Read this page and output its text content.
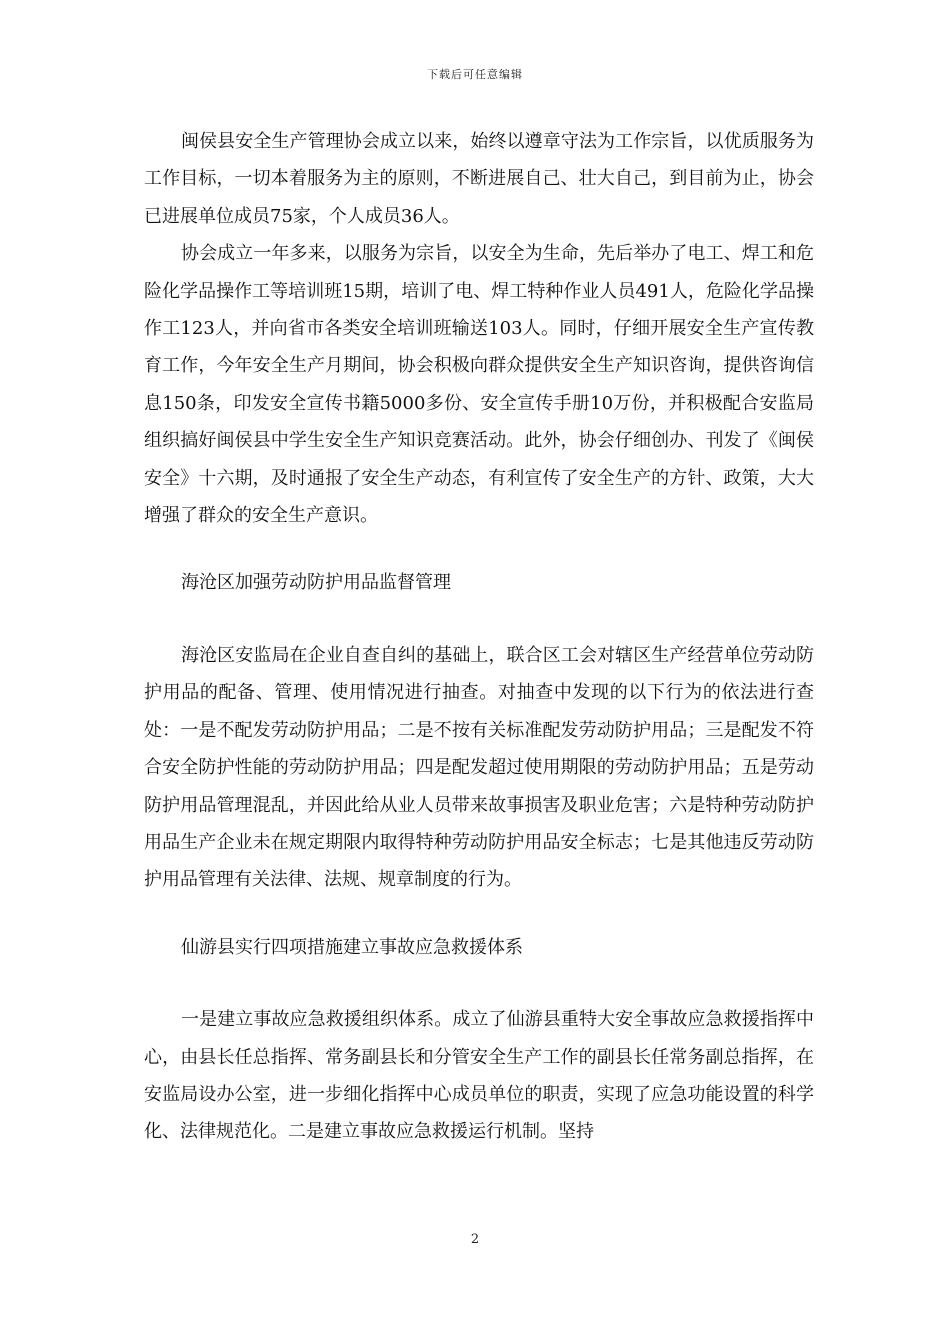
下载后可任意编辑

闽侯县安全生产管理协会成立以来，始终以遵章守法为工作宗旨，以优质服务为工作目标，一切本着服务为主的原则，不断进展自己、壮大自己，到目前为止，协会已进展单位成员75家，个人成员36人。

协会成立一年多来，以服务为宗旨，以安全为生命，先后举办了电工、焊工和危险化学品操作工等培训班15期，培训了电、焊工特种作业人员491人，危险化学品操作工123人，并向省市各类安全培训班输送103人。同时，仔细开展安全生产宣传教育工作，今年安全生产月期间，协会积极向群众提供安全生产知识咨询，提供咨询信息150条，印发安全宣传书籍5000多份、安全宣传手册10万份，并积极配合安监局组织搞好闽侯县中学生安全生产知识竞赛活动。此外，协会仔细创办、刊发了《闽侯安全》十六期，及时通报了安全生产动态，有利宣传了安全生产的方针、政策，大大增强了群众的安全生产意识。

海沧区加强劳动防护用品监督管理

海沧区安监局在企业自查自纠的基础上，联合区工会对辖区生产经营单位劳动防护用品的配备、管理、使用情况进行抽查。对抽查中发现的以下行为的依法进行查处：一是不配发劳动防护用品；二是不按有关标准配发劳动防护用品；三是配发不符合安全防护性能的劳动防护用品；四是配发超过使用期限的劳动防护用品；五是劳动防护用品管理混乱，并因此给从业人员带来故事损害及职业危害；六是特种劳动防护用品生产企业未在规定期限内取得特种劳动防护用品安全标志；七是其他违反劳动防护用品管理有关法律、法规、规章制度的行为。

仙游县实行四项措施建立事故应急救援体系

一是建立事故应急救援组织体系。成立了仙游县重特大安全事故应急救援指挥中心，由县长任总指挥、常务副县长和分管安全生产工作的副县长任常务副总指挥，在安监局设办公室，进一步细化指挥中心成员单位的职责，实现了应急功能设置的科学化、法律规范化。二是建立事故应急救援运行机制。坚持

2
